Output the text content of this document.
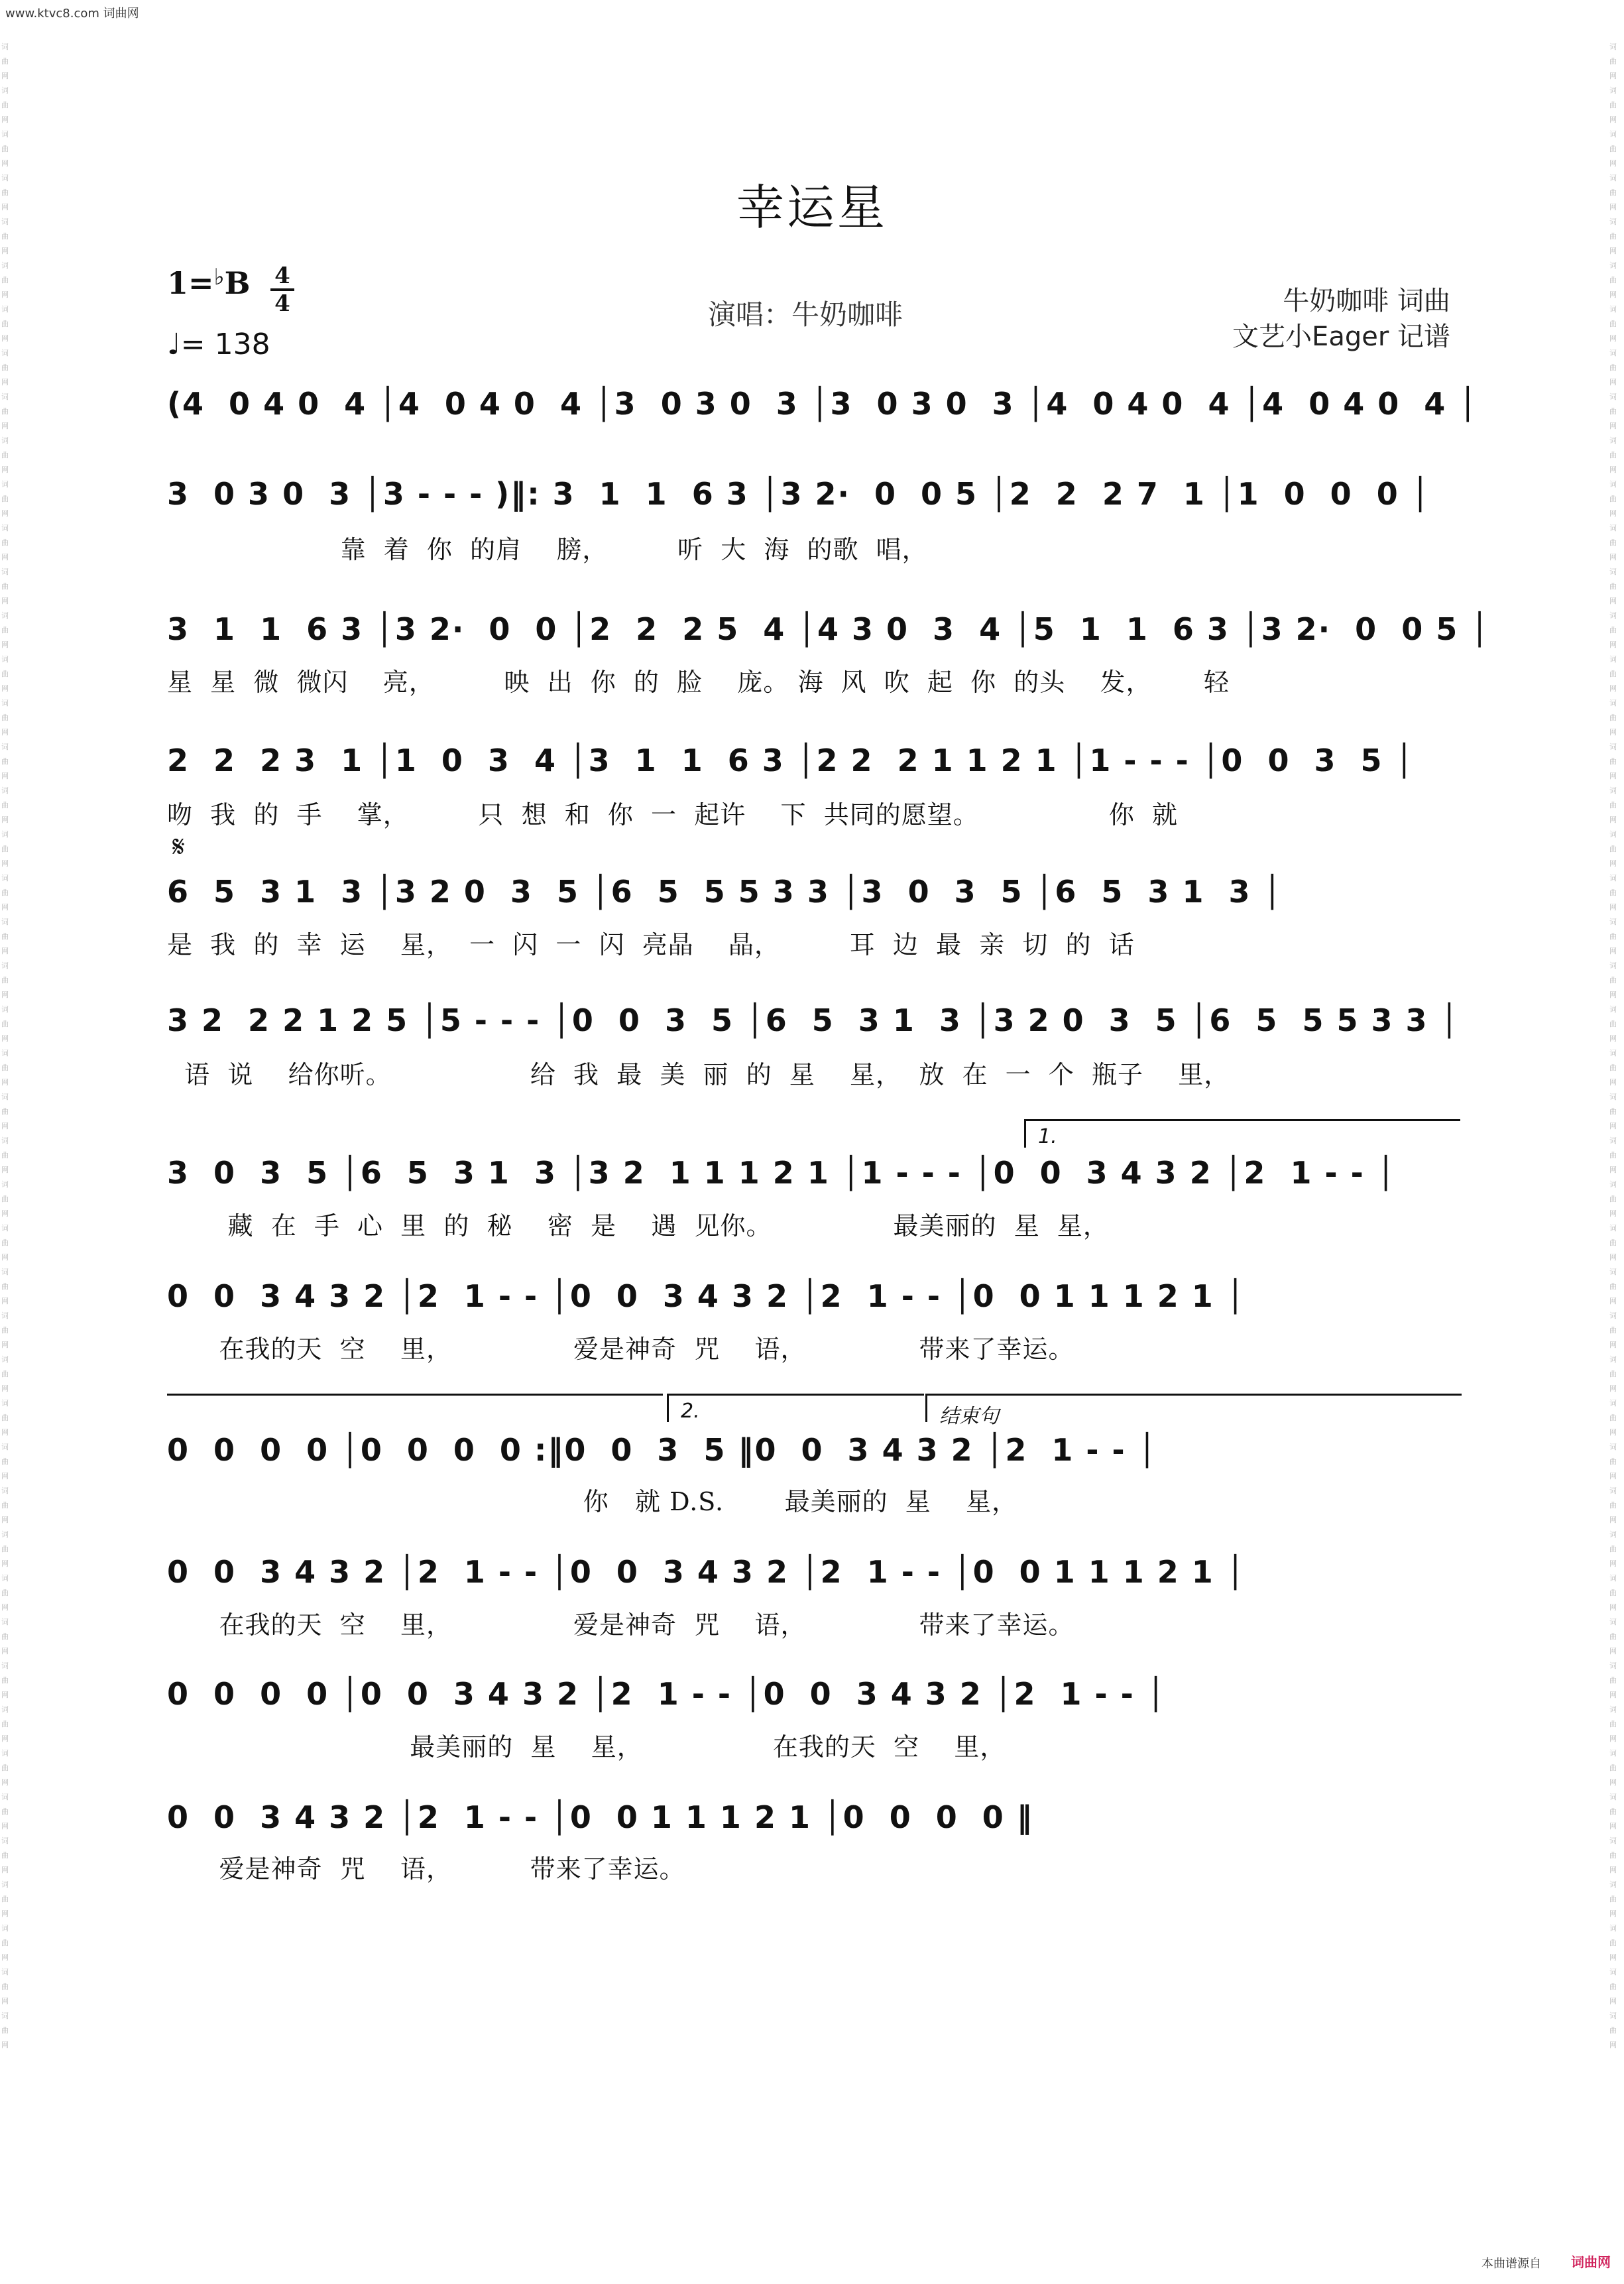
www.ktvc8.com 词曲网
词曲网词曲网词曲网词曲网词曲网词曲网词曲网词曲网词曲网词曲网词曲网词曲网词曲网词曲网词曲网词曲网词曲网词曲网词曲网词曲网词曲网词曲网词曲网词曲网词曲网词曲网词曲网词曲网词曲网词曲网词曲网词曲网词曲网词曲网词曲网词曲网词曲网词曲网词曲网词曲网词曲网词曲网词曲网词曲网词曲网词曲网
词曲网词曲网词曲网词曲网词曲网词曲网词曲网词曲网词曲网词曲网词曲网词曲网词曲网词曲网词曲网词曲网词曲网词曲网词曲网词曲网词曲网词曲网词曲网词曲网词曲网词曲网词曲网词曲网词曲网词曲网词曲网词曲网词曲网词曲网词曲网词曲网词曲网词曲网词曲网词曲网词曲网词曲网词曲网词曲网词曲网词曲网
幸运星
1=♭B 4
4
♩= 138
演唱：牛奶咖啡	牛奶咖啡 词曲
文艺小Eager 记谱
(4  0 4 0  4 │4  0 4 0  4 │3  0 3 0  3 │3  0 3 0  3 │4  0 4 0  4 │4  0 4 0  4 │
3  0 3 0  3 │3 - - - )‖: 3  1  1  6 3 │3 2·  0  0 5 │2  2  2 7  1 │1  0  0  0 │
靠  着  你  的肩    膀，        听  大  海  的歌  唱，
3  1  1  6 3 │3 2·  0  0 │2  2  2 5  4 │4 3 0  3  4 │5  1  1  6 3 │3 2·  0  0 5 │
星  星  微  微闪    亮，        映  出  你  的  脸    庞。 海  风  吹  起  你  的头    发，      轻
2  2  2 3  1 │1  0  3  4 │3  1  1  6 3 │2 2  2 1 1 2 1 │1 - - - │0  0  3  5 │
吻  我  的  手    掌，        只  想  和  你  一  起许    下  共同的愿望。               你  就
𝄋
6  5  3 1  3 │3 2 0  3  5 │6  5  5 5 3 3 │3  0  3  5 │6  5  3 1  3 │
是  我  的  幸  运    星，  一  闪  一  闪  亮晶    晶，        耳  边  最  亲  切  的  话
3 2  2 2 1 2 5 │5 - - - │0  0  3  5 │6  5  3 1  3 │3 2 0  3  5 │6  5  5 5 3 3 │
语  说    给你听。                给  我  最  美  丽  的  星    星，  放  在  一  个  瓶子    里，
1.
3  0  3  5 │6  5  3 1  3 │3 2  1 1 1 2 1 │1 - - - │0  0  3 4 3 2 │2  1 - - │
藏  在  手  心  里  的  秘    密  是    遇  见你。              最美丽的  星  星，
0  0  3 4 3 2 │2  1 - - │0  0  3 4 3 2 │2  1 - - │0  0 1 1 1 2 1 │
在我的天  空    里，              爱是神奇  咒    语，             带来了幸运。
2.	结束句
0  0  0  0 │0  0  0  0 :‖0  0  3  5 ‖0  0  3 4 3 2 │2  1 - - │
你   就 D.S.       最美丽的  星    星，
0  0  3 4 3 2 │2  1 - - │0  0  3 4 3 2 │2  1 - - │0  0 1 1 1 2 1 │
在我的天  空    里，              爱是神奇  咒    语，             带来了幸运。
0  0  0  0 │0  0  3 4 3 2 │2  1 - - │0  0  3 4 3 2 │2  1 - - │
最美丽的  星    星，               在我的天  空    里，
0  0  3 4 3 2 │2  1 - - │0  0 1 1 1 2 1 │0  0  0  0 ‖
爱是神奇  咒    语，         带来了幸运。
本曲谱源自 词曲网
